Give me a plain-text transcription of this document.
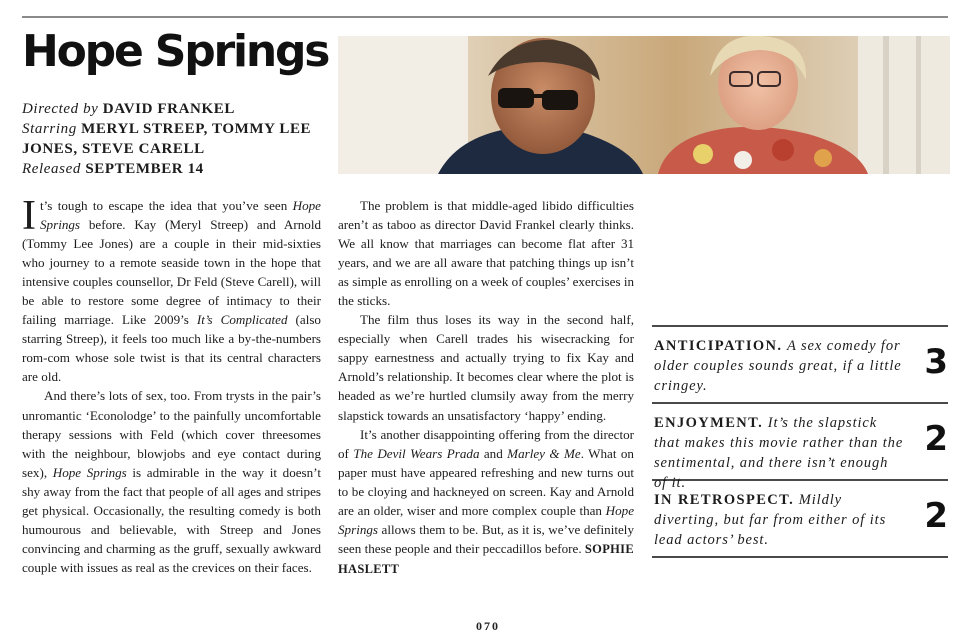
Hope Springs
Directed by DAVID FRANKEL
Starring MERYL STREEP, TOMMY LEE JONES, STEVE CARELL
Released SEPTEMBER 14

It’s tough to escape the idea that you’ve seen Hope Springs before. Kay (Meryl Streep) and Arnold (Tommy Lee Jones) are a couple in their mid-sixties who journey to a remote seaside town in the hope that intensive couples counsellor, Dr Feld (Steve Carell), will be able to restore some degree of intimacy to their failing marriage. Like 2009’s It’s Complicated (also starring Streep), it feels too much like a by-the-numbers rom-com whose sole twist is that its central characters are old.

And there’s lots of sex, too. From trysts in the pair’s unromantic ‘Econolodge’ to the painfully uncomfortable therapy sessions with Feld (which cover threesomes with the neighbour, blowjobs and eye contact during sex), Hope Springs is admirable in the way it doesn’t shy away from the fact that people of all ages and stripes get physical. Occasionally, the resulting comedy is both humourous and believable, with Streep and Jones convincing and charming as the gruff, sexually awkward couple with issues as real as the crevices on their faces.

The problem is that middle-aged libido difficulties aren’t as taboo as director David Frankel clearly thinks. We all know that marriages can become flat after 31 years, and we are all aware that patching things up isn’t as simple as enrolling on a week of couples’ exercises in the sticks.

The film thus loses its way in the second half, especially when Carell trades his wisecracking for sappy earnestness and actually trying to fix Kay and Arnold’s relationship. It becomes clear where the plot is headed as we’re hurtled clumsily away from the merry slapstick towards an unsatisfactory ‘happy’ ending.

It’s another disappointing offering from the director of The Devil Wears Prada and Marley & Me. What on paper must have appeared refreshing and new turns out to be cloying and hackneyed on screen. Kay and Arnold are an older, wiser and more complex couple than Hope Springs allows them to be. But, as it is, we’ve definitely seen these people and their peccadillos before. SOPHIE HASLETT

ANTICIPATION. A sex comedy for older couples sounds great, if a little cringey.
3
ENJOYMENT. It’s the slapstick that makes this movie rather than the sentimental, and there isn’t enough of it.
2
IN RETROSPECT. Mildly diverting, but far from either of its lead actors’ best.
2
070
